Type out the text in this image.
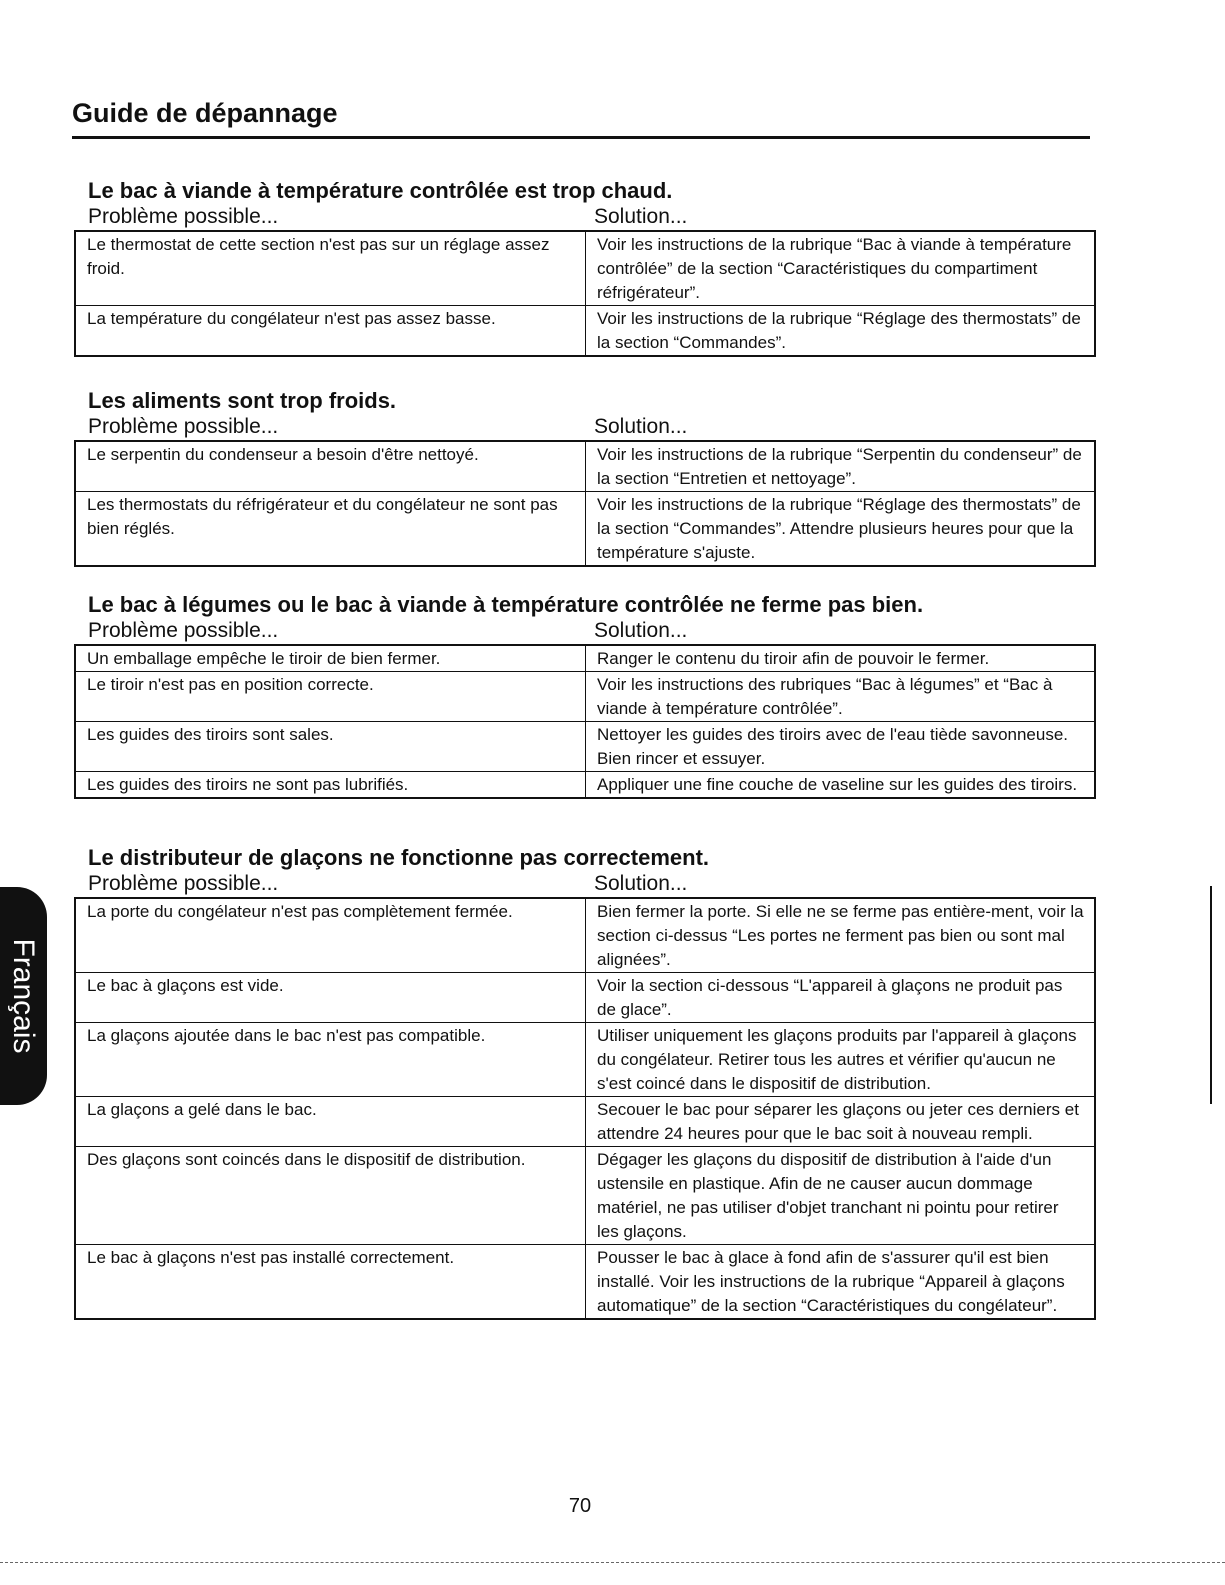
Guide de dépannage
Le bac à viande à température contrôlée est trop chaud.
Problème possible...	Solution...
Le thermostat de cette section n'est pas sur un réglage assez froid.	Voir les instructions de la rubrique “Bac à viande à température contrôlée” de la section “Caractéristiques du compartiment réfrigérateur”.
La température du congélateur n'est pas assez basse.	Voir les instructions de la rubrique “Réglage des thermostats” de la section “Commandes”.
Les aliments sont trop froids.
Problème possible...	Solution...
Le serpentin du condenseur a besoin d'être nettoyé.	Voir les instructions de la rubrique “Serpentin du condenseur” de la section “Entretien et nettoyage”.
Les thermostats du réfrigérateur et du congélateur ne sont pas bien réglés.	Voir les instructions de la rubrique “Réglage des thermostats” de la section “Commandes”. Attendre plusieurs heures pour que la température s'ajuste.
Le bac à légumes ou le bac à viande à température contrôlée ne ferme pas bien.
Problème possible...	Solution...
Un emballage empêche le tiroir de bien fermer.	Ranger le contenu du tiroir afin de pouvoir le fermer.
Le tiroir n'est pas en position correcte.	Voir les instructions des rubriques “Bac à légumes” et “Bac à viande à température contrôlée”.
Les guides des tiroirs sont sales.	Nettoyer les guides des tiroirs avec de l'eau tiède savonneuse. Bien rincer et essuyer.
Les guides des tiroirs ne sont pas lubrifiés.	Appliquer une fine couche de vaseline sur les guides des tiroirs.
Le distributeur de glaçons ne fonctionne pas correctement.
Problème possible...	Solution...
La porte du congélateur n'est pas complètement fermée.	Bien fermer la porte. Si elle ne se ferme pas entière-ment, voir la section ci-dessus “Les portes ne ferment pas bien ou sont mal alignées”.
Le bac à glaçons est vide.	Voir la section ci-dessous “L'appareil à glaçons ne produit pas de glace”.
La glaçons ajoutée dans le bac n'est pas compatible.	Utiliser uniquement les glaçons produits par l'appareil à glaçons du congélateur. Retirer tous les autres et vérifier qu'aucun ne s'est coincé dans le dispositif de distribution.
La glaçons a gelé dans le bac.	Secouer le bac pour séparer les glaçons ou jeter ces derniers et attendre 24 heures pour que le bac soit à nouveau rempli.
Des glaçons sont coincés dans le dispositif de distribution.	Dégager les glaçons du dispositif de distribution à l'aide d'un ustensile en plastique. Afin de ne causer aucun dommage matériel, ne pas utiliser d'objet tranchant ni pointu pour retirer les glaçons.
Le bac à glaçons n'est pas installé correctement.	Pousser le bac à glace à fond afin de s'assurer qu'il est bien installé. Voir les instructions de la rubrique “Appareil à glaçons automatique” de la section “Caractéristiques du congélateur”.
Français
70
